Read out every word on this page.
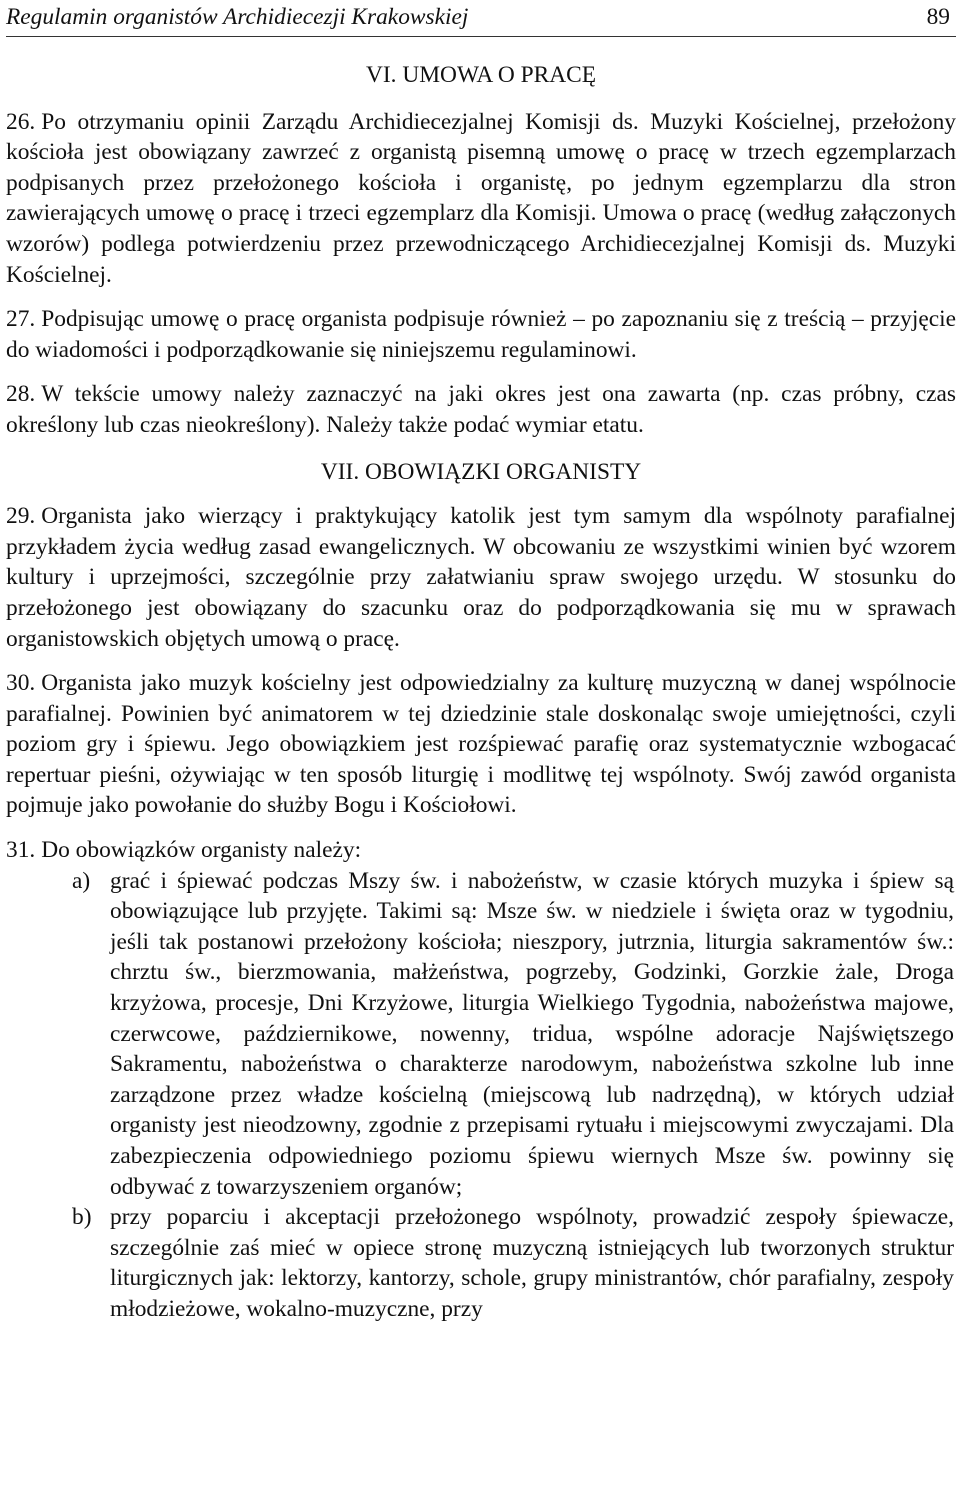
Regulamin organistów Archidiecezji Krakowskiej	89
VI. UMOWA O PRACĘ

26. Po otrzymaniu opinii Zarządu Archidiecezjalnej Komisji ds. Muzyki Kościelnej, przełożony kościoła jest obowiązany zawrzeć z organistą pisemną umowę o pracę w trzech egzemplarzach podpisanych przez przełożonego kościoła i organistę, po jednym egzemplarzu dla stron zawierających umowę o pracę i trzeci egzemplarz dla Komisji. Umowa o pracę (według załączonych wzorów) podlega potwierdzeniu przez przewodniczącego Archidiecezjalnej Komisji ds. Muzyki Kościelnej.

27. Podpisując umowę o pracę organista podpisuje również – po zapoznaniu się z treścią – przyjęcie do wiadomości i podporządkowanie się niniejszemu regulaminowi.

28. W tekście umowy należy zaznaczyć na jaki okres jest ona zawarta (np. czas próbny, czas określony lub czas nieokreślony). Należy także podać wymiar etatu.

VII. OBOWIĄZKI ORGANISTY

29. Organista jako wierzący i praktykujący katolik jest tym samym dla wspólnoty parafialnej przykładem życia według zasad ewangelicznych. W obcowaniu ze wszystkimi winien być wzorem kultury i uprzejmości, szczególnie przy załatwianiu spraw swojego urzędu. W stosunku do przełożonego jest obowiązany do szacunku oraz do podporządkowania się mu w sprawach organistowskich objętych umową o pracę.

30. Organista jako muzyk kościelny jest odpowiedzialny za kulturę muzyczną w danej wspólnocie parafialnej. Powinien być animatorem w tej dziedzinie stale doskonaląc swoje umiejętności, czyli poziom gry i śpiewu. Jego obowiązkiem jest rozśpiewać parafię oraz systematycznie wzbogacać repertuar pieśni, ożywiając w ten sposób liturgię i modlitwę tej wspólnoty. Swój zawód organista pojmuje jako powołanie do służby Bogu i Kościołowi.

31. Do obowiązków organisty należy:

a) grać i śpiewać podczas Mszy św. i nabożeństw, w czasie których muzyka i śpiew są obowiązujące lub przyjęte. Takimi są: Msze św. w niedziele i święta oraz w tygodniu, jeśli tak postanowi przełożony kościoła; nieszpory, jutrznia, liturgia sakramentów św.: chrztu św., bierzmowania, małżeństwa, pogrzeby, Godzinki, Gorzkie żale, Droga krzyżowa, procesje, Dni Krzyżowe, liturgia Wielkiego Tygodnia, nabożeństwa majowe, czerwcowe, październikowe, nowenny, tridua, wspólne adoracje Najświętszego Sakramentu, nabożeństwa o charakterze narodowym, nabożeństwa szkolne lub inne zarządzone przez władze kościelną (miejscową lub nadrzędną), w których udział organisty jest nieodzowny, zgodnie z przepisami rytuału i miejscowymi zwyczajami. Dla zabezpieczenia odpowiedniego poziomu śpiewu wiernych Msze św. powinny się odbywać z towarzyszeniem organów;
b) przy poparciu i akceptacji przełożonego wspólnoty, prowadzić zespoły śpiewacze, szczególnie zaś mieć w opiece stronę muzyczną istniejących lub tworzonych struktur liturgicznych jak: lektorzy, kantorzy, schole, grupy ministrantów, chór parafialny, zespoły młodzieżowe, wokalno-muzyczne, przy
